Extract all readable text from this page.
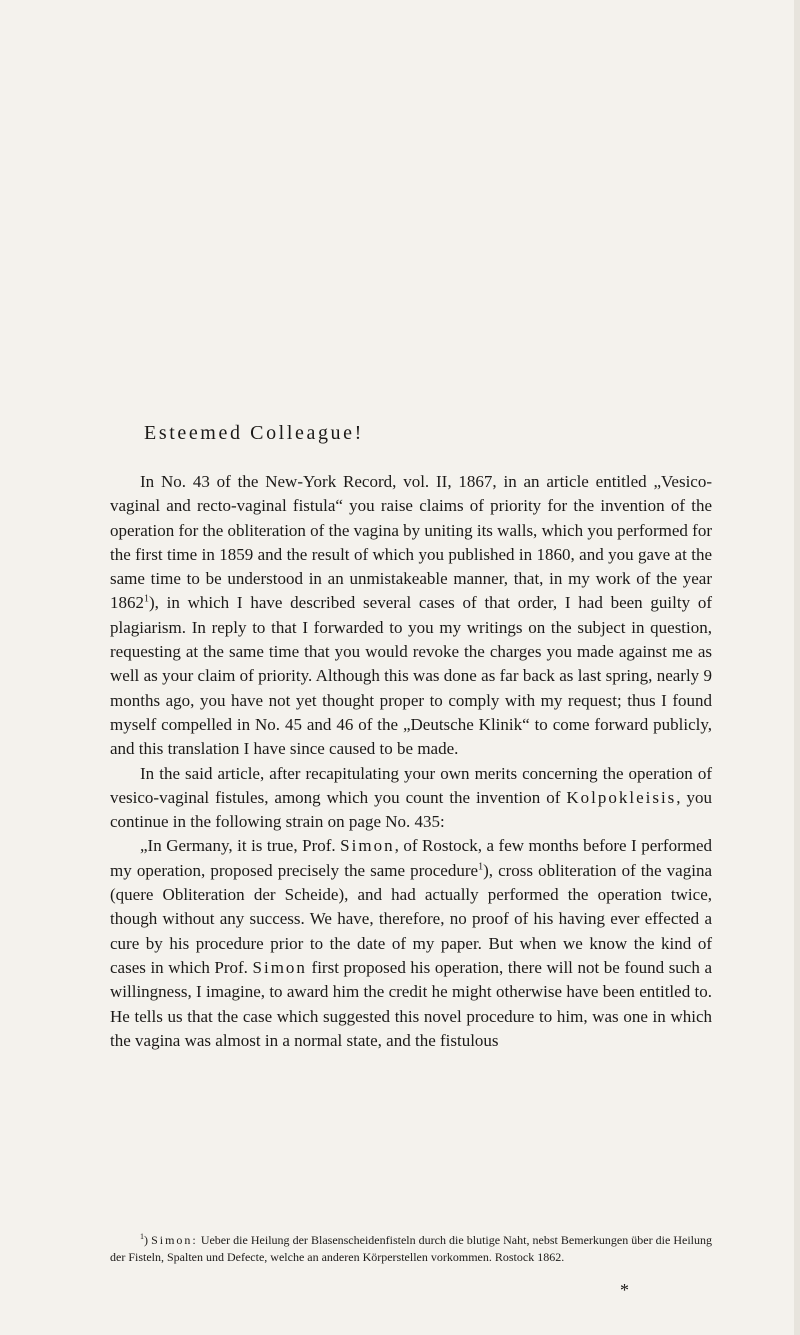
Esteemed Colleague!

In No. 43 of the New-York Record, vol. II, 1867, in an article entitled „Vesico-vaginal and recto-vaginal fistula“ you raise claims of priority for the invention of the operation for the obliteration of the vagina by uniting its walls, which you performed for the first time in 1859 and the result of which you published in 1860, and you gave at the same time to be understood in an unmistakeable manner, that, in my work of the year 1862$^1$), in which I have described several cases of that order, I had been guilty of plagiarism. In reply to that I forwarded to you my writings on the subject in question, requesting at the same time that you would revoke the charges you made against me as well as your claim of priority. Although this was done as far back as last spring, nearly 9 months ago, you have not yet thought proper to comply with my request; thus I found myself compelled in No. 45 and 46 of the „Deutsche Klinik“ to come forward publicly, and this translation I have since caused to be made.

In the said article, after recapitulating your own merits concerning the operation of vesico-vaginal fistules, among which you count the invention of Kolpokleisis, you continue in the following strain on page No. 435:

„In Germany, it is true, Prof. Simon, of Rostock, a few months before I performed my operation, proposed precisely the same procedure$^1$), cross obliteration of the vagina (quere Obliteration der Scheide), and had actually performed the operation twice, though without any success. We have, therefore, no proof of his having ever effected a cure by his procedure prior to the date of my paper. But when we know the kind of cases in which Prof. Simon first proposed his operation, there will not be found such a willingness, I imagine, to award him the credit he might otherwise have been entitled to. He tells us that the case which suggested this novel procedure to him, was one in which the vagina was almost in a normal state, and the fistulous

$^1$) Simon: Ueber die Heilung der Blasenscheidenfisteln durch die blutige Naht, nebst Bemerkungen über die Heilung der Fisteln, Spalten und Defecte, welche an anderen Körperstellen vorkommen. Rostock 1862.

*
